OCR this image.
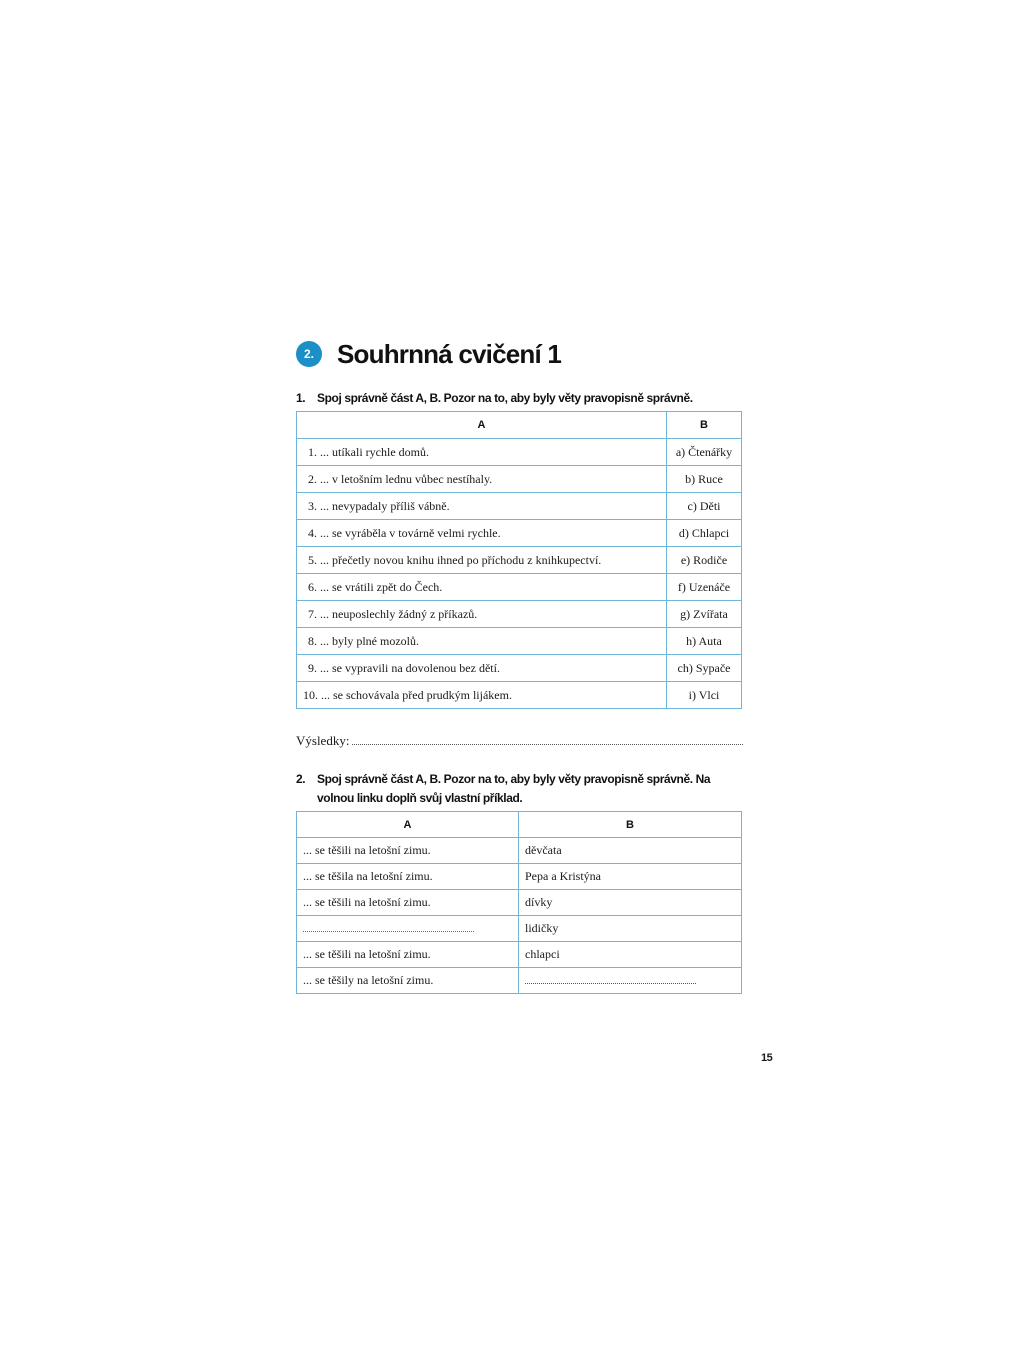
2. Souhrnná cvičení 1
1. Spoj správně část A, B. Pozor na to, aby byly věty pravopisně správně.
A	B
1. ... utíkali rychle domů.	a) Čtenářky
2. ... v letošním lednu vůbec nestíhaly.	b) Ruce
3. ... nevypadaly příliš vábně.	c) Děti
4. ... se vyráběla v továrně velmi rychle.	d) Chlapci
5. ... přečetly novou knihu ihned po příchodu z knihkupectví.	e) Rodiče
6. ... se vrátili zpět do Čech.	f) Uzenáče
7. ... neuposlechly žádný z příkazů.	g) Zvířata
8. ... byly plné mozolů.	h) Auta
9. ... se vypravili na dovolenou bez dětí.	ch) Sypače
10. ... se schovávala před prudkým lijákem.	i) Vlci
Výsledky:
2. Spoj správně část A, B. Pozor na to, aby byly věty pravopisně správně. Na volnou linku doplň svůj vlastní příklad.
A	B
... se těšili na letošní zimu.	děvčata
... se těšila na letošní zimu.	Pepa a Kristýna
... se těšili na letošní zimu.	dívky
	lidičky
... se těšili na letošní zimu.	chlapci
... se těšily na letošní zimu.	
15
